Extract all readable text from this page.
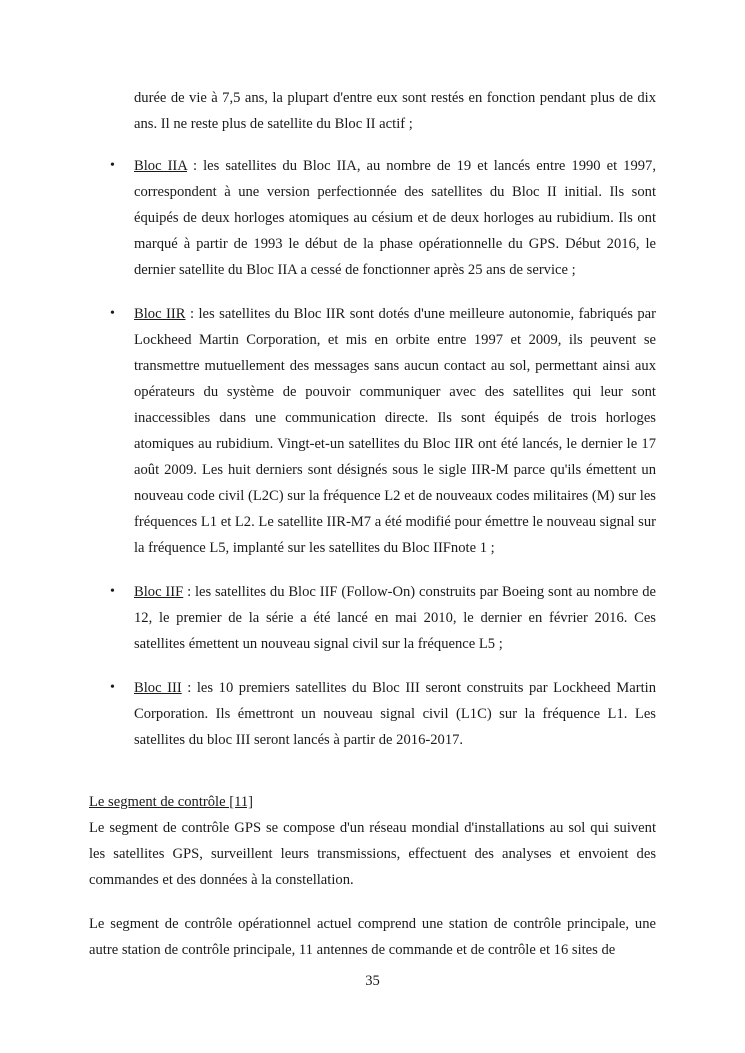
durée de vie à 7,5 ans, la plupart d'entre eux sont restés en fonction pendant plus de dix ans. Il ne reste plus de satellite du Bloc II actif ;

• Bloc IIA : les satellites du Bloc IIA, au nombre de 19 et lancés entre 1990 et 1997, correspondent à une version perfectionnée des satellites du Bloc II initial. Ils sont équipés de deux horloges atomiques au césium et de deux horloges au rubidium. Ils ont marqué à partir de 1993 le début de la phase opérationnelle du GPS. Début 2016, le dernier satellite du Bloc IIA a cessé de fonctionner après 25 ans de service ;

• Bloc IIR : les satellites du Bloc IIR sont dotés d'une meilleure autonomie, fabriqués par Lockheed Martin Corporation, et mis en orbite entre 1997 et 2009, ils peuvent se transmettre mutuellement des messages sans aucun contact au sol, permettant ainsi aux opérateurs du système de pouvoir communiquer avec des satellites qui leur sont inaccessibles dans une communication directe. Ils sont équipés de trois horloges atomiques au rubidium. Vingt-et-un satellites du Bloc IIR ont été lancés, le dernier le 17 août 2009. Les huit derniers sont désignés sous le sigle IIR-M parce qu'ils émettent un nouveau code civil (L2C) sur la fréquence L2 et de nouveaux codes militaires (M) sur les fréquences L1 et L2. Le satellite IIR-M7 a été modifié pour émettre le nouveau signal sur la fréquence L5, implanté sur les satellites du Bloc IIFnote 1 ;

• Bloc IIF : les satellites du Bloc IIF (Follow-On) construits par Boeing sont au nombre de 12, le premier de la série a été lancé en mai 2010, le dernier en février 2016. Ces satellites émettent un nouveau signal civil sur la fréquence L5 ;

• Bloc III : les 10 premiers satellites du Bloc III seront construits par Lockheed Martin Corporation. Ils émettront un nouveau signal civil (L1C) sur la fréquence L1. Les satellites du bloc III seront lancés à partir de 2016-2017.

Le segment de contrôle [11]

Le segment de contrôle GPS se compose d'un réseau mondial d'installations au sol qui suivent les satellites GPS, surveillent leurs transmissions, effectuent des analyses et envoient des commandes et des données à la constellation.

Le segment de contrôle opérationnel actuel comprend une station de contrôle principale, une autre station de contrôle principale, 11 antennes de commande et de contrôle et 16 sites de

35
